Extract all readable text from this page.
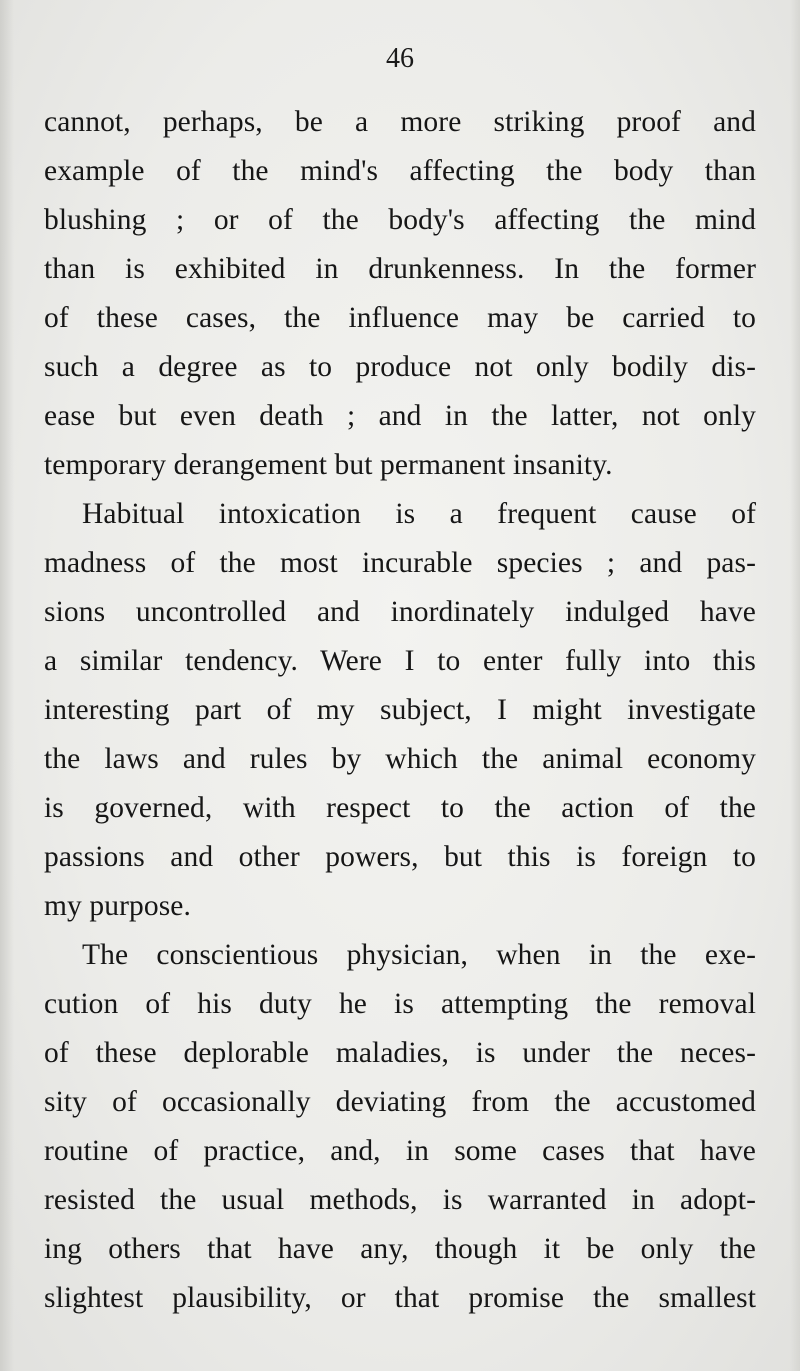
46
cannot, perhaps, be a more striking proof and
example of the mind's affecting the body than
blushing ; or of the body's affecting the mind
than is exhibited in drunkenness. In the former
of these cases, the influence may be carried to
such a degree as to produce not only bodily dis-
ease but even death ; and in the latter, not only
temporary derangement but permanent insanity.
Habitual intoxication is a frequent cause of
madness of the most incurable species ; and pas-
sions uncontrolled and inordinately indulged have
a similar tendency. Were I to enter fully into this
interesting part of my subject, I might investigate
the laws and rules by which the animal economy
is governed, with respect to the action of the
passions and other powers, but this is foreign to
my purpose.
The conscientious physician, when in the exe-
cution of his duty he is attempting the removal
of these deplorable maladies, is under the neces-
sity of occasionally deviating from the accustomed
routine of practice, and, in some cases that have
resisted the usual methods, is warranted in adopt-
ing others that have any, though it be only the
slightest plausibility, or that promise the smallest
